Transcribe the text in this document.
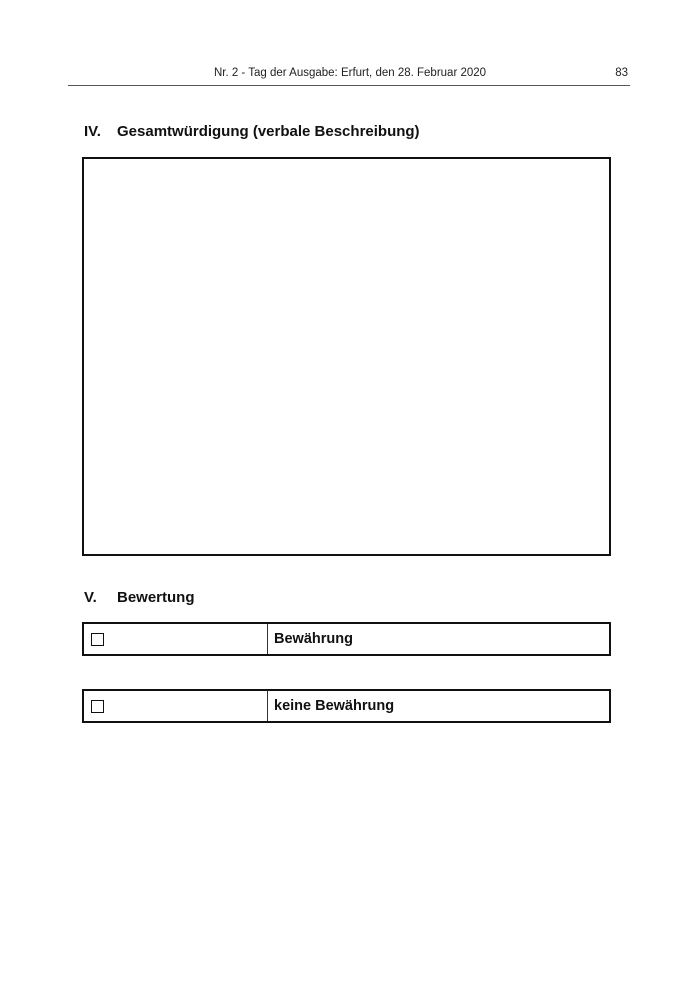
Nr. 2 - Tag der Ausgabe: Erfurt, den 28. Februar 2020	83
IV. Gesamtwürdigung (verbale Beschreibung)
V. Bewertung
Bewährung
keine Bewährung
